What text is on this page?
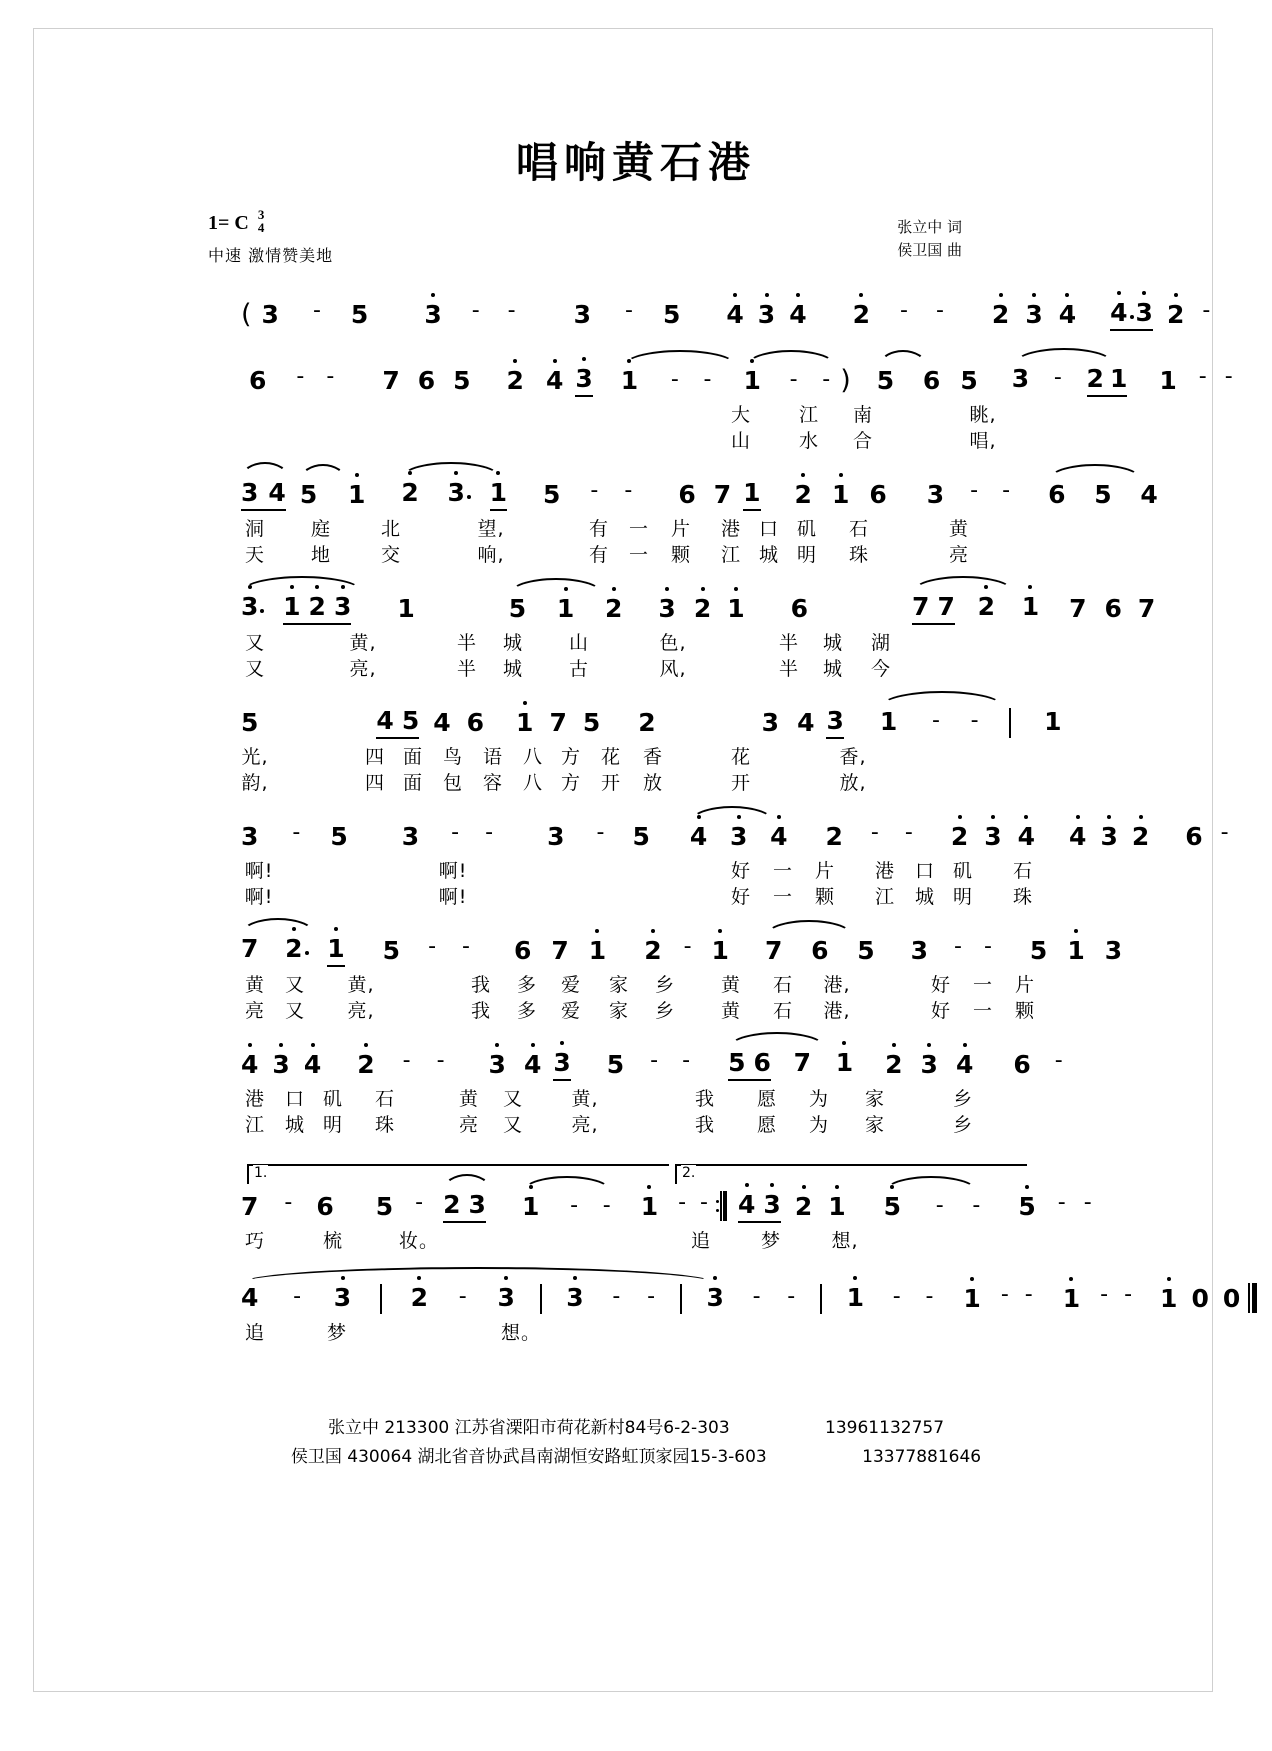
唱响黄石港
1 = C 3
4
中速 激情赞美地
张立中 词
侯卫国 曲
( 3 - 5 3 - - 3 - 5 4 3 4 2 - - 2 3 4 4 3 2 -
6 - - 7 6 5 2 4 3 1 - -	1 - - ) 5 6 5 3 - 2 1 1 - -
大	江 南	眺,
山	水 合	唱,
3 4 5 1	2 3 1 5 - - 6 7 1 2 1 6 3 - - 6 5 4
洞 庭	北	望,	有 一 片 港 口 矶 石	黄
天 地	交	响,	有 一 颗 江 城 明 珠	亮
3 1 2 3 1	5 1 2	3 2 1 6	7 7 2 1	7 6 7
又	黄,	半 城 山	色,	半 城 湖
又	亮,	半 城 古	风,	半 城 今
5	4 5 4 6 1 7 5 2	3 4 3 1 - -	1
光,	四 面 鸟 语 八 方 花 香	花	香,
韵,	四 面 包 容 八 方 开 放	开	放,
3 - 5 3 - - 3 - 5 4 3 4	2 - - 2 3 4 4 3 2 6 -
啊!	啊!	好 一 片 港 口 矶 石
啊!	啊!	好 一 颗 江 城 明 珠
7 2 1 5 - - 6 7 1 2 - 1 7 6 5	3 - - 5 1 3
黄 又 黄,	我 多 爱 家 乡 黄 石 港,	好 一 片
亮 又 亮,	我 多 爱 家 乡 黄 石 港,	好 一 颗
4 3 4 2 - - 3 4 3 5 - - 5 6 7 1	2 3 4 6 -
港 口 矶 石	黄 又	黄,	我 愿 为 家	乡
江 城 明 珠	亮 又	亮,	我 愿 为 家	乡
1.	2.
7 - 6 5 - 2 3 1 - -	1 - - 4 3 2 1 5 - -	5 - -
巧	梳	妆。	追	梦	想,
4 - 3 2 - 3 3 - - 3 - - 1 - -	1 - - 1 - - 1 0 0
追	梦	想。
张立中 213300 江苏省溧阳市荷花新村84号6-2-303	13961132757
侯卫国 430064 湖北省音协武昌南湖恒安路虹顶家园15-3-603	13377881646
